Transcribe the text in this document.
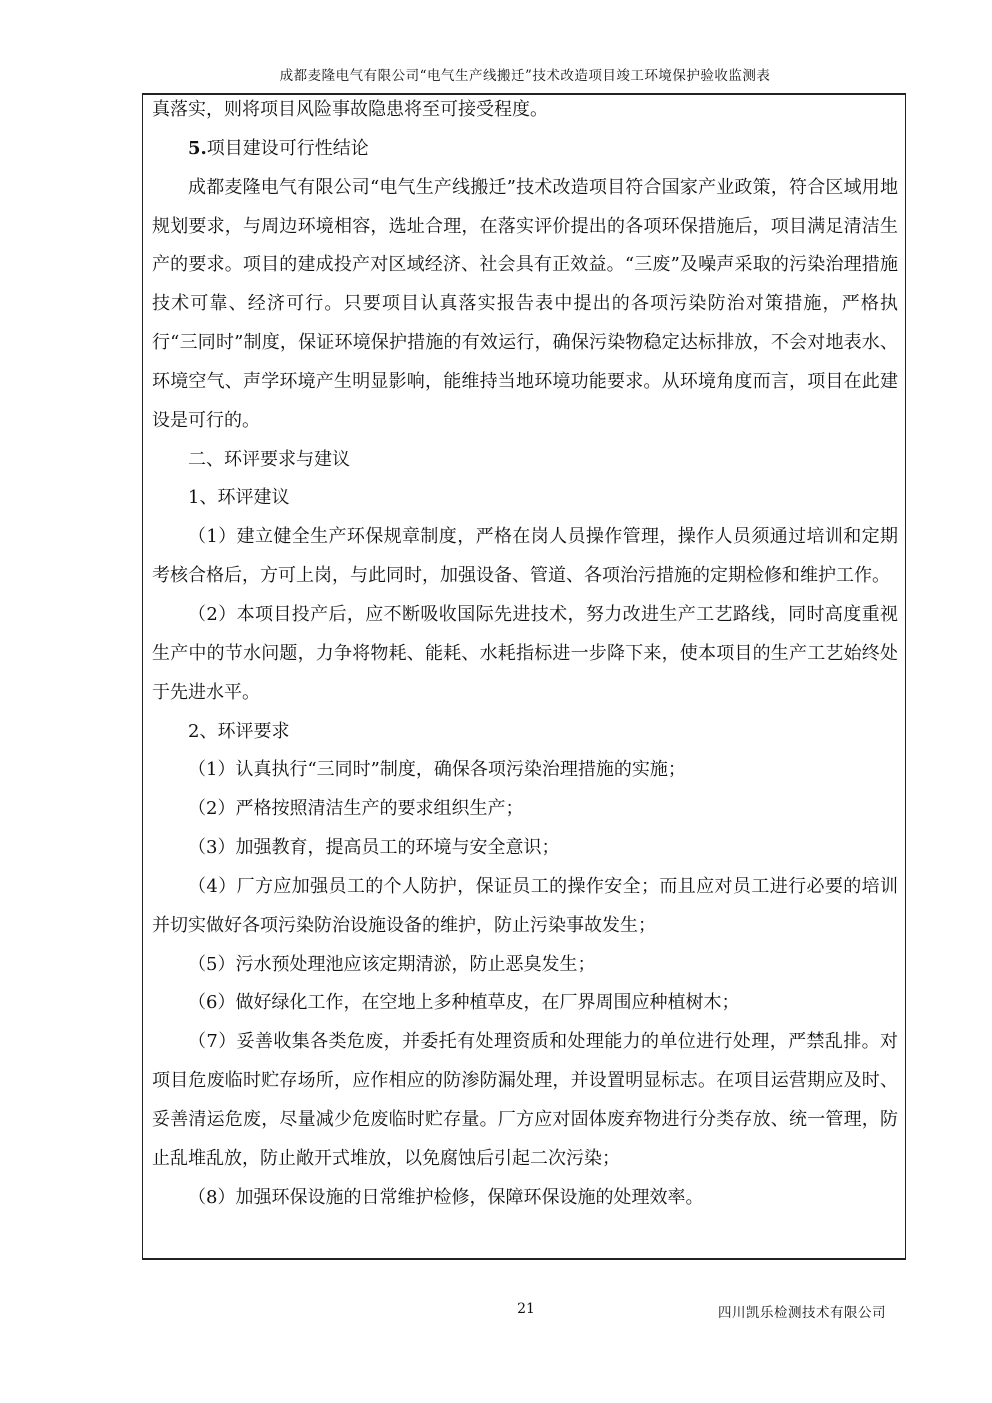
成都麦隆电气有限公司“电气生产线搬迁”技术改造项目竣工环境保护验收监测表

真落实，则将项目风险事故隐患将至可接受程度。

5.项目建设可行性结论

成都麦隆电气有限公司“电气生产线搬迁”技术改造项目符合国家产业政策，符合区域用地规划要求，与周边环境相容，选址合理，在落实评价提出的各项环保措施后，项目满足清洁生产的要求。项目的建成投产对区域经济、社会具有正效益。“三废”及噪声采取的污染治理措施技术可靠、经济可行。只要项目认真落实报告表中提出的各项污染防治对策措施，严格执行“三同时”制度，保证环境保护措施的有效运行，确保污染物稳定达标排放，不会对地表水、环境空气、声学环境产生明显影响，能维持当地环境功能要求。从环境角度而言，项目在此建设是可行的。

二、环评要求与建议

1、环评建议

（1）建立健全生产环保规章制度，严格在岗人员操作管理，操作人员须通过培训和定期考核合格后，方可上岗，与此同时，加强设备、管道、各项治污措施的定期检修和维护工作。

（2）本项目投产后，应不断吸收国际先进技术，努力改进生产工艺路线，同时高度重视生产中的节水问题，力争将物耗、能耗、水耗指标进一步降下来，使本项目的生产工艺始终处于先进水平。

2、环评要求

（1）认真执行“三同时”制度，确保各项污染治理措施的实施；

（2）严格按照清洁生产的要求组织生产；

（3）加强教育，提高员工的环境与安全意识；

（4）厂方应加强员工的个人防护，保证员工的操作安全；而且应对员工进行必要的培训并切实做好各项污染防治设施设备的维护，防止污染事故发生；

（5）污水预处理池应该定期清淤，防止恶臭发生；

（6）做好绿化工作，在空地上多种植草皮，在厂界周围应种植树木；

（7）妥善收集各类危废，并委托有处理资质和处理能力的单位进行处理，严禁乱排。对项目危废临时贮存场所，应作相应的防渗防漏处理，并设置明显标志。在项目运营期应及时、妥善清运危废，尽量减少危废临时贮存量。厂方应对固体废弃物进行分类存放、统一管理，防止乱堆乱放，防止敞开式堆放，以免腐蚀后引起二次污染；

（8）加强环保设施的日常维护检修，保障环保设施的处理效率。

21	四川凯乐检测技术有限公司
